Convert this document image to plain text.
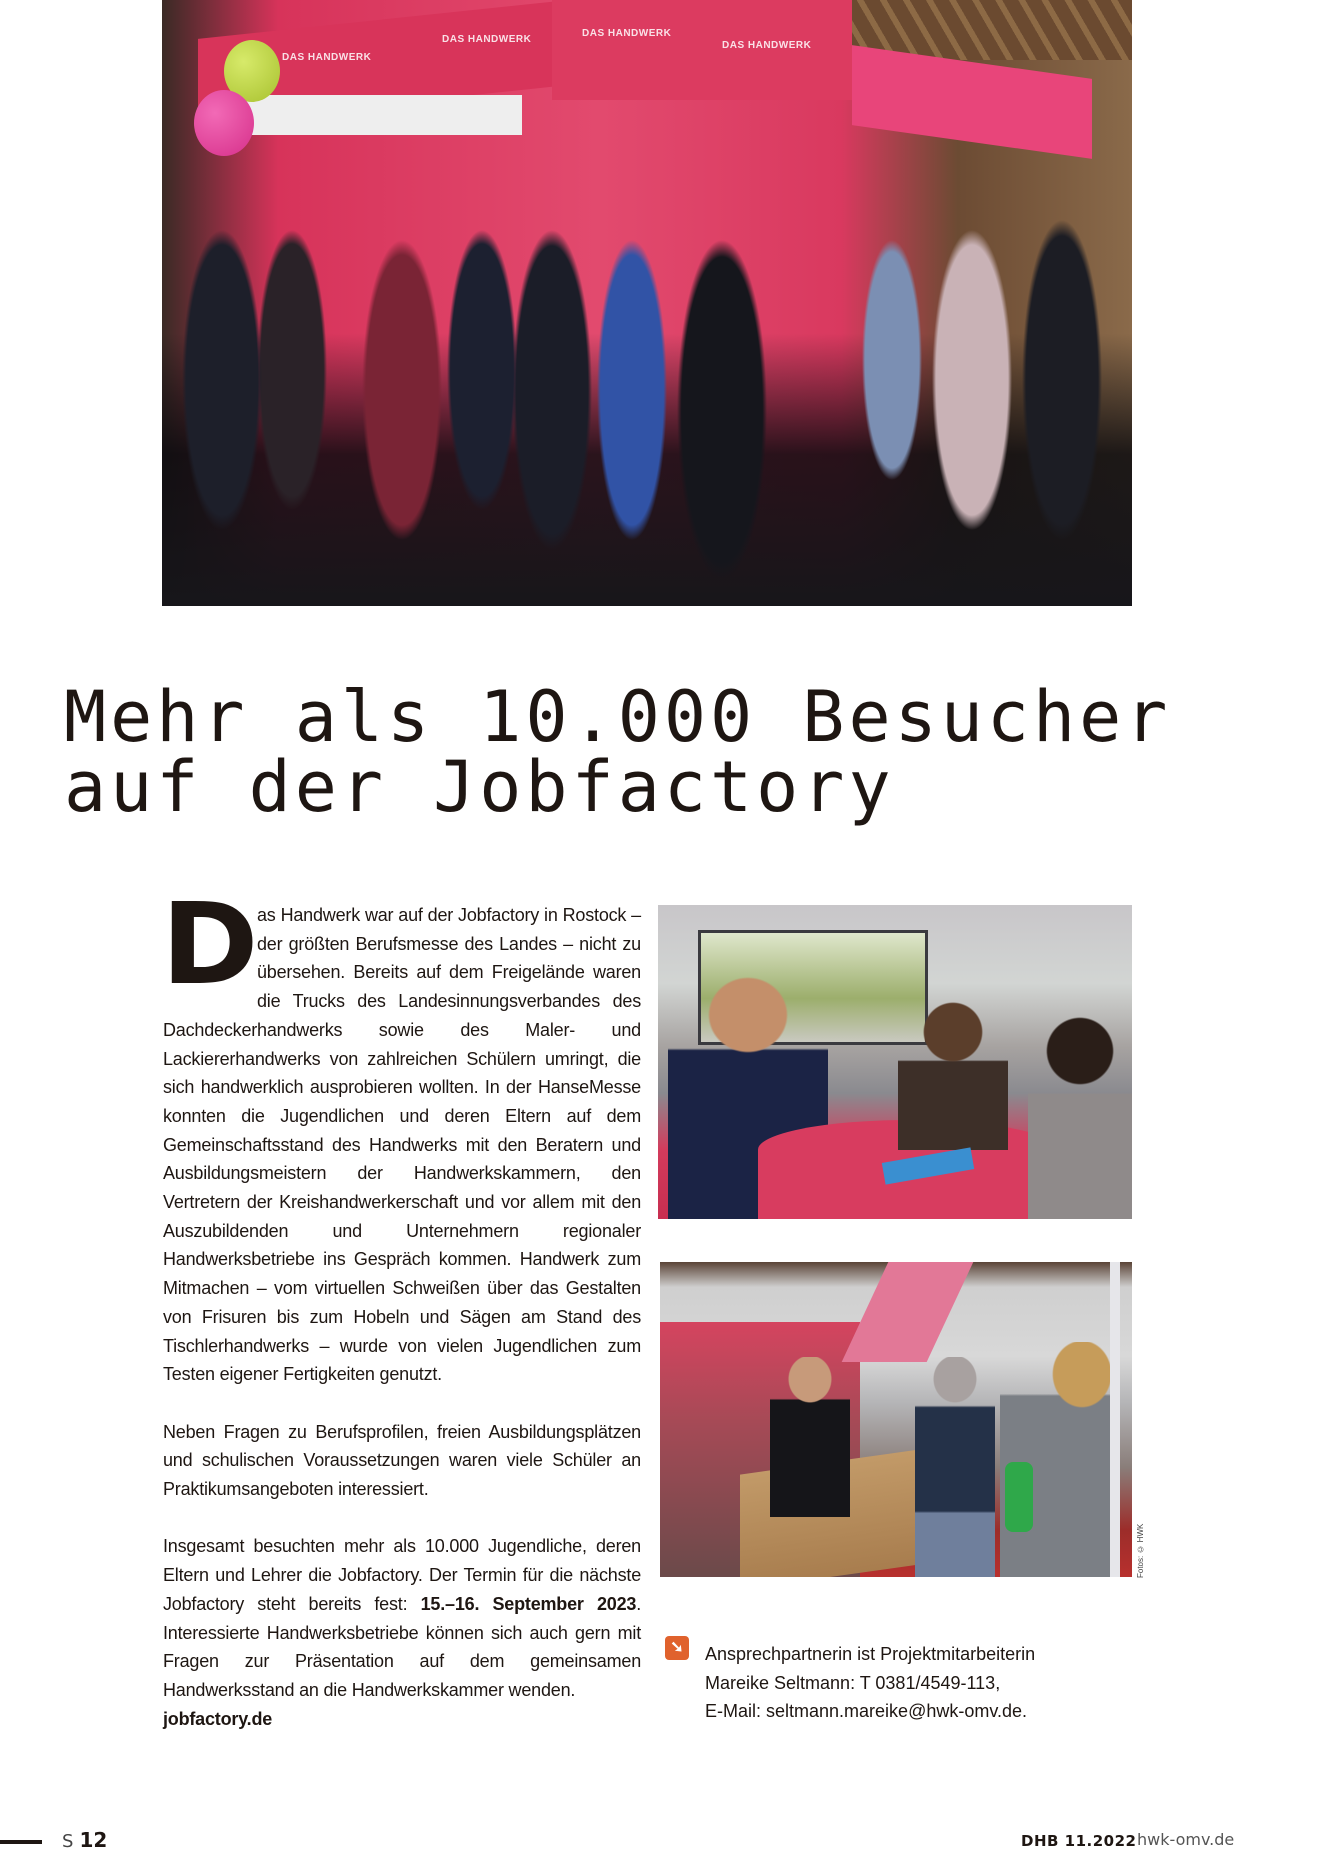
DAS HANDWERK
DAS HANDWERK
DAS HANDWERK
DAS HANDWERK
Mehr als 10.000 Besucher
auf der Jobfactory

D
as Handwerk war auf der Jobfactory in Rostock – der größten Berufsmesse des Landes – nicht zu übersehen. Bereits auf dem Freigelände waren die Trucks des Landesinnungsverbandes des Dachdeckerhandwerks sowie des Maler- und Lackiererhandwerks von zahlreichen Schülern umringt, die sich handwerklich ausprobieren wollten. In der HanseMesse konnten die Jugendlichen und deren Eltern auf dem Gemeinschaftsstand des Handwerks mit den Beratern und Ausbildungsmeistern der Handwerkskammern, den Vertretern der Kreishandwerkerschaft und vor allem mit den Auszubildenden und Unternehmern regionaler Handwerksbetriebe ins Gespräch kommen. Handwerk zum Mitmachen – vom virtuellen Schweißen über das Gestalten von Frisuren bis zum Hobeln und Sägen am Stand des Tischlerhandwerks – wurde von vielen Jugendlichen zum Testen eigener Fertigkeiten genutzt.

Neben Fragen zu Berufsprofilen, freien Ausbildungsplätzen und schulischen Voraussetzungen waren viele Schüler an Praktikumsangeboten interessiert.

Insgesamt besuchten mehr als 10.000 Jugendliche, deren Eltern und Lehrer die Jobfactory. Der Termin für die nächste Jobfactory steht bereits fest: 15.–16. September 2023. Interessierte Handwerksbetriebe können sich auch gern mit Fragen zur Präsentation auf dem gemeinsamen Handwerksstand an die Handwerkskammer wenden.
jobfactory.de

Fotos: © HWK
➘ Ansprechpartnerin ist Projektmitarbeiterin
Mareike Seltmann: T 0381/4549-113,
E-Mail: seltmann.mareike@hwk-omv.de.
S 12	DHB 11.2022 hwk-omv.de
